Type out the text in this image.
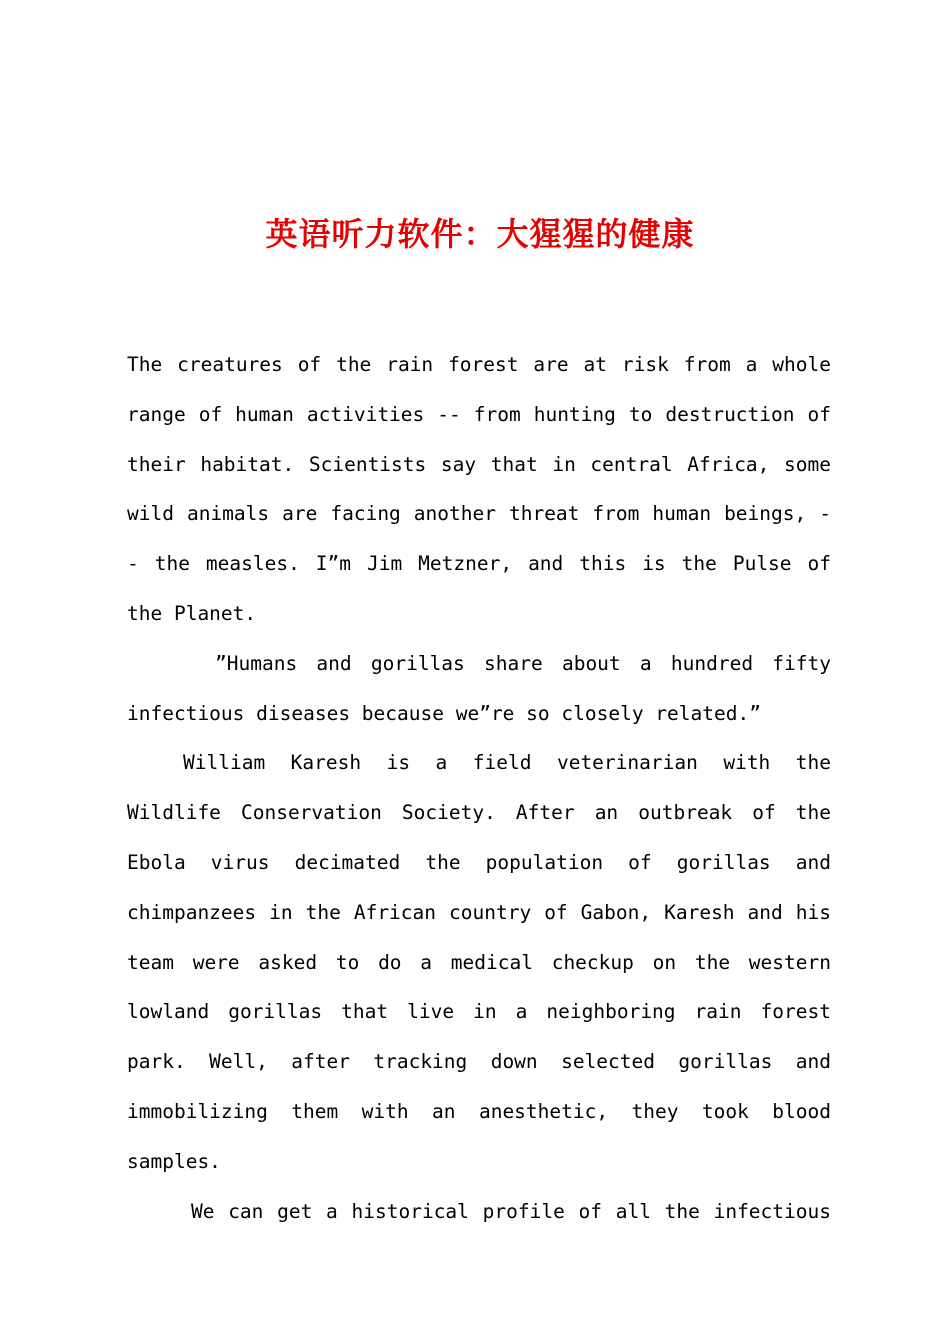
英语听力软件：大猩猩的健康

The creatures of the rain forest are at risk from a whole range of human activities -- from hunting to destruction of their habitat. Scientists say that in central Africa, some wild animals are facing another threat from human beings, -- the measles. I”m Jim Metzner, and this is the Pulse of the Planet.

”Humans and gorillas share about a hundred fifty infectious diseases because we”re so closely related.”

William Karesh is a field veterinarian with the Wildlife Conservation Society. After an outbreak of the Ebola virus decimated the population of gorillas and chimpanzees in the African country of Gabon, Karesh and his team were asked to do a medical checkup on the western lowland gorillas that live in a neighboring rain forest park. Well, after tracking down selected gorillas and immobilizing them with an anesthetic, they took blood samples.

We can get a historical profile of all the infectious
